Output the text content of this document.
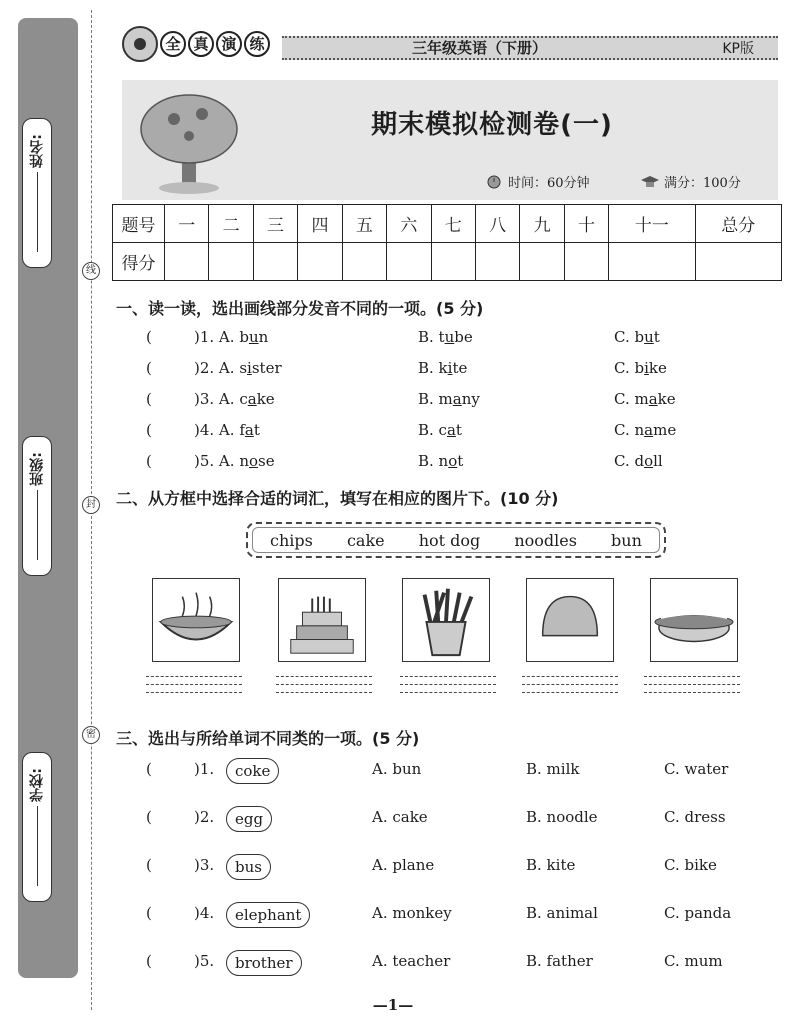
姓名:
班级:
学校:
线
封
密
全 真 演 练	三年级英语（下册）	KP版
期末模拟检测卷(一)
时间：60分钟	满分：100分
题号	一	二	三	四	五	六	七	八	九	十	十一	总分
得分												
一、读一读，选出画线部分发音不同的一项。(5 分)
(	)1. A. bun	B. tube	C. but
(	)2. A. sister	B. kite	C. bike
(	)3. A. cake	B. many	C. make
(	)4. A. fat	B. cat	C. name
(	)5. A. nose	B. not	C. doll
二、从方框中选择合适的词汇，填写在相应的图片下。(10 分)
chips cake hot dog noodles bun
三、选出与所给单词不同类的一项。(5 分)
(	)1.	coke	A. bun	B. milk	C. water
(	)2.	egg	A. cake	B. noodle	C. dress
(	)3.	bus	A. plane	B. kite	C. bike
(	)4.	elephant	A. monkey	B. animal	C. panda
(	)5.	brother	A. teacher	B. father	C. mum
—1—
